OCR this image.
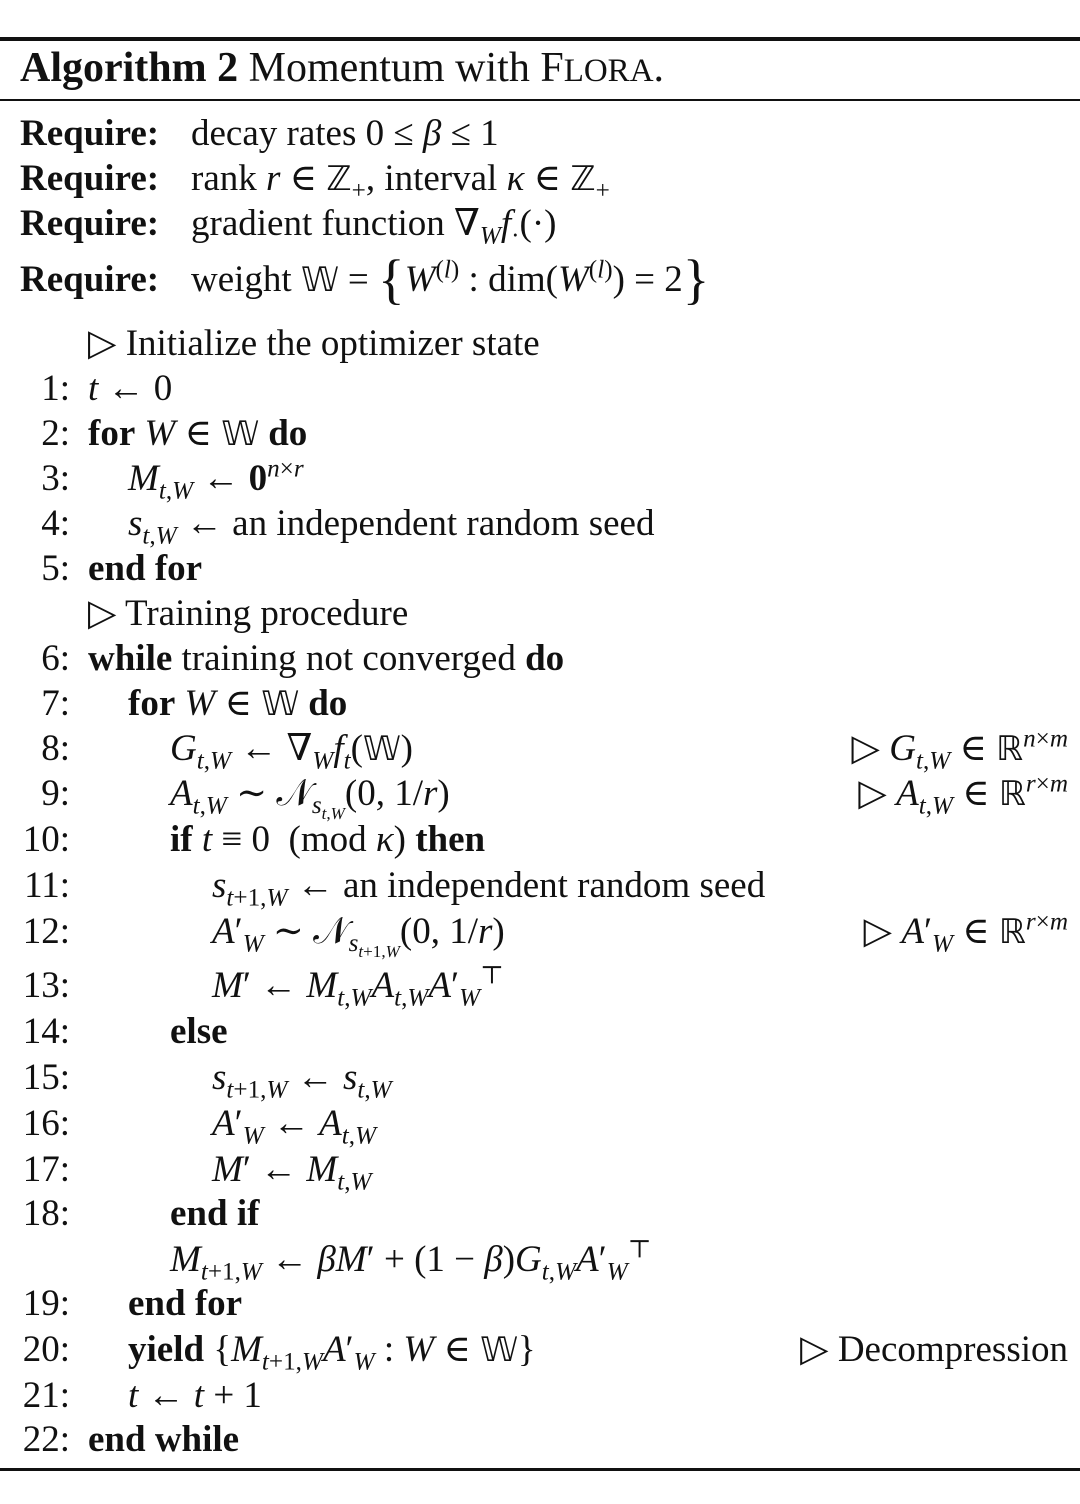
Algorithm 2 Momentum with FLORA.
Require: decay rates 0 ≤ β ≤ 1
Require: rank r ∈ ℤ$_+$, interval κ ∈ ℤ$_+$
Require: gradient function $\nabla_Wf_\cdot(\cdot)$
Require: weight 𝕎 = {$W^{(l)}$ : $dim(W^{(l)}) = 2$}
▷ Initialize the optimizer state
1: t ← 0
2: for W ∈ 𝕎 do
3: $M_{t,W}$ ← $0^{n\times r}$
4: $s_{t,W}$ ← an independent random seed
5: end for
▷ Training procedure
6: while training not converged do
7: for W ∈ 𝕎 do
8:	$G_{t,W}$ ← $\nabla_Wf_t(𝕎)$	▷ $G_{t,W}$ ∈ ℝ$^{n\times m}$
9:	$A_{t,W}$ ∼ 𝒩$_{s_{t,W}}$(0, 1/r)	▷ $A_{t,W}$ ∈ ℝ$^{r\times m}$
10:	if t ≡ 0  (mod κ) then
11:	$s_{t+1,W}$ ← an independent random seed
12:	$A'_W$ ∼ 𝒩$_{s_{t+1,W}}$(0, 1/r)	▷ $A'_W$ ∈ ℝ$^{r\times m}$
13:	M′ ← $M_{t,W}A_{t,W}A'_W^⊤$
14:	else
15:	$s_{t+1,W}$ ← $s_{t,W}$
16:	$A'_W$ ← $A_{t,W}$
17:	M′ ← $M_{t,W}$
18:	end if
$M_{t+1,W}$ ← $\beta M' + (1 - \beta)G_{t,W}A'_W^⊤$
19: end for
20: yield {$M_{t+1,W}A'_W$ : W ∈ 𝕎}	▷ Decompression
21: t ← t + 1
22: end while
